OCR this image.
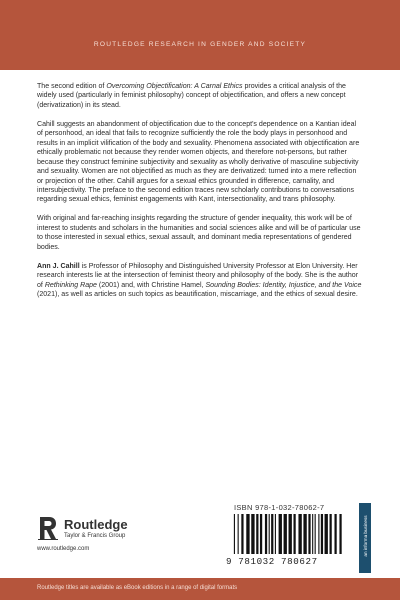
ROUTLEDGE RESEARCH IN GENDER AND SOCIETY

The second edition of Overcoming Objectification: A Carnal Ethics provides a critical analysis of the widely used (particularly in feminist philosophy) concept of objectification, and offers a new concept (derivatization) in its stead.

Cahill suggests an abandonment of objectification due to the concept's dependence on a Kantian ideal of personhood, an ideal that fails to recognize sufficiently the role the body plays in personhood and results in an implicit vilification of the body and sexuality. Phenomena associated with objectification are ethically problematic not because they render women objects, and therefore not-persons, but rather because they construct feminine subjectivity and sexuality as wholly derivative of masculine subjectivity and sexuality. Women are not objectified as much as they are derivatized: turned into a mere reflection or projection of the other. Cahill argues for a sexual ethics grounded in difference, carnality, and intersubjectivity. The preface to the second edition traces new scholarly contributions to conversations regarding sexual ethics, feminist engagements with Kant, intersectionality, and trans philosophy.

With original and far-reaching insights regarding the structure of gender inequality, this work will be of interest to students and scholars in the humanities and social sciences alike and will be of particular use to those interested in sexual ethics, sexual assault, and dominant media representations of gendered bodies.

Ann J. Cahill is Professor of Philosophy and Distinguished University Professor at Elon University. Her research interests lie at the intersection of feminist theory and philosophy of the body. She is the author of Rethinking Rape (2001) and, with Christine Hamel, Sounding Bodies: Identity, Injustice, and the Voice (2021), as well as articles on such topics as beautification, miscarriage, and the ethics of sexual desire.

Routledge
Taylor & Francis Group
www.routledge.com
ISBN 978-1-032-78062-7
9 781032 780627
an informa business
Routledge titles are available as eBook editions in a range of digital formats
